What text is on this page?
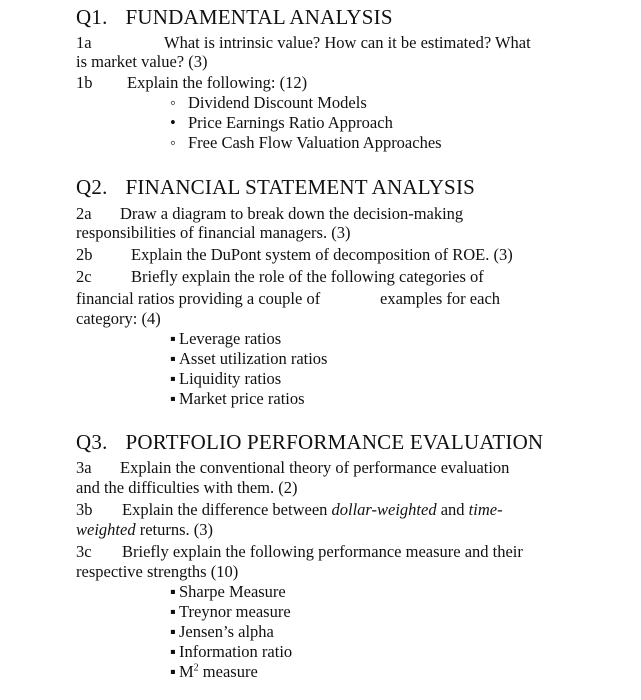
Q1. FUNDAMENTAL ANALYSIS
1a	What is intrinsic value? How can it be estimated? What
is market value? (3)
1b Explain the following: (12)
◦ Dividend Discount Models
• Price Earnings Ratio Approach
◦ Free Cash Flow Valuation Approaches
Q2. FINANCIAL STATEMENT ANALYSIS
2a Draw a diagram to break down the decision-making
responsibilities of financial managers. (3)
2b Explain the DuPont system of decomposition of ROE. (3)
2c Briefly explain the role of the following categories of
financial ratios providing a couple of	examples for each
category: (4)
▪ Leverage ratios
▪ Asset utilization ratios
▪ Liquidity ratios
▪ Market price ratios
Q3. PORTFOLIO PERFORMANCE EVALUATION
3a Explain the conventional theory of performance evaluation
and the difficulties with them. (2)
3b Explain the difference between dollar-weighted and time-
weighted returns. (3)
3c Briefly explain the following performance measure and their
respective strengths (10)
▪ Sharpe Measure
▪ Treynor measure
▪ Jensen’s alpha
▪ Information ratio
▪ $M^2$ measure
